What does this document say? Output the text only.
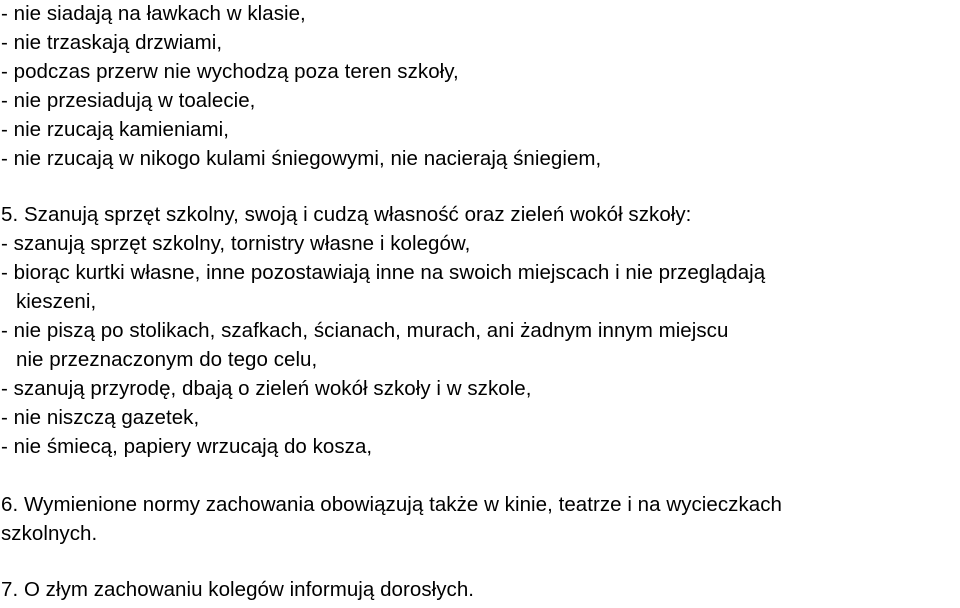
- nie siadają na ławkach w klasie,
- nie trzaskają drzwiami,
- podczas przerw nie wychodzą poza teren szkoły,
- nie przesiadują w toalecie,
- nie rzucają kamieniami,
- nie rzucają w nikogo kulami śniegowymi, nie nacierają śniegiem,
5. Szanują sprzęt szkolny, swoją i cudzą własność oraz zieleń wokół szkoły:
- szanują sprzęt szkolny, tornistry własne i kolegów,
- biorąc kurtki własne, inne pozostawiają inne na swoich miejscach i nie przeglądają
kieszeni,
- nie piszą po stolikach, szafkach, ścianach, murach, ani żadnym innym miejscu
nie przeznaczonym do tego celu,
- szanują przyrodę, dbają o zieleń wokół szkoły i w szkole,
- nie niszczą gazetek,
- nie śmiecą, papiery wrzucają do kosza,
6. Wymienione normy zachowania obowiązują także w kinie, teatrze i na wycieczkach
szkolnych.
7. O złym zachowaniu kolegów informują dorosłych.
